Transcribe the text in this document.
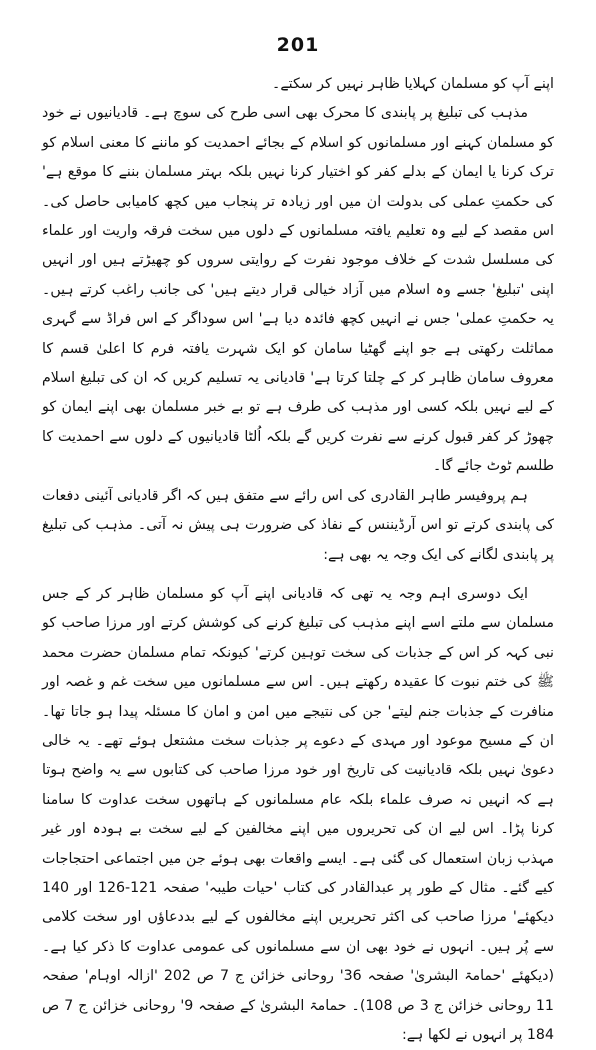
201

اپنے آپ کو مسلمان کہلایا ظاہر نہیں کر سکتے۔

مذہب کی تبلیغ پر پابندی کا محرک بھی اسی طرح کی سوچ ہے۔ قادیانیوں نے خود کو مسلمان کہنے اور مسلمانوں کو اسلام کے بجائے احمدیت کو ماننے کا معنی اسلام کو ترک کرنا یا ایمان کے بدلے کفر کو اختیار کرنا نہیں بلکہ بہتر مسلمان بننے کا موقع ہے' کی حکمتِ عملی کی بدولت ان میں اور زیادہ تر پنجاب میں کچھ کامیابی حاصل کی۔ اس مقصد کے لیے وہ تعلیم یافتہ مسلمانوں کے دلوں میں سخت فرقہ واریت اور علماء کی مسلسل شدت کے خلاف موجود نفرت کے روایتی سروں کو چھیڑتے ہیں اور انہیں اپنی 'تبلیغ' جسے وہ اسلام میں آزاد خیالی قرار دیتے ہیں' کی جانب راغب کرتے ہیں۔ یہ حکمتِ عملی' جس نے انہیں کچھ فائدہ دیا ہے' اس سوداگر کے اس فراڈ سے گہری مماثلت رکھتی ہے جو اپنے گھٹیا سامان کو ایک شہرت یافتہ فرم کا اعلیٰ قسم کا معروف سامان ظاہر کر کے چلتا کرتا ہے' قادیانی یہ تسلیم کریں کہ ان کی تبلیغ اسلام کے لیے نہیں بلکہ کسی اور مذہب کی طرف ہے تو بے خبر مسلمان بھی اپنے ایمان کو چھوڑ کر کفر قبول کرنے سے نفرت کریں گے بلکہ اُلٹا قادیانیوں کے دلوں سے احمدیت کا طلسم ٹوٹ جائے گا۔

ہم پروفیسر طاہر القادری کی اس رائے سے متفق ہیں کہ اگر قادیانی آئینی دفعات کی پابندی کرتے تو اس آرڈیننس کے نفاذ کی ضرورت ہی پیش نہ آتی۔ مذہب کی تبلیغ پر پابندی لگانے کی ایک وجہ یہ بھی ہے:

ایک دوسری اہم وجہ یہ تھی کہ قادیانی اپنے آپ کو مسلمان ظاہر کر کے جس مسلمان سے ملتے اسے اپنے مذہب کی تبلیغ کرنے کی کوشش کرتے اور مرزا صاحب کو نبی کہہ کر اس کے جذبات کی سخت توہین کرتے' کیونکہ تمام مسلمان حضرت محمد ﷺ کی ختم نبوت کا عقیدہ رکھتے ہیں۔ اس سے مسلمانوں میں سخت غم و غصہ اور منافرت کے جذبات جنم لیتے' جن کی نتیجے میں امن و امان کا مسئلہ پیدا ہو جاتا تھا۔ ان کے مسیح موعود اور مہدی کے دعوے پر جذبات سخت مشتعل ہوئے تھے۔ یہ خالی دعویٰ نہیں بلکہ قادیانیت کی تاریخ اور خود مرزا صاحب کی کتابوں سے یہ واضح ہوتا ہے کہ انہیں نہ صرف علماء بلکہ عام مسلمانوں کے ہاتھوں سخت عداوت کا سامنا کرنا پڑا۔ اس لیے ان کی تحریروں میں اپنے مخالفین کے لیے سخت بے ہودہ اور غیر مہذب زبان استعمال کی گئی ہے۔ ایسے واقعات بھی ہوئے جن میں اجتماعی احتجاجات کیے گئے۔ مثال کے طور پر عبدالقادر کی کتاب 'حیات طیبہ' صفحہ 121-126 اور 140 دیکھئے' مرزا صاحب کی اکثر تحریریں اپنے مخالفوں کے لیے بددعاؤں اور سخت کلامی سے پُر ہیں۔ انہوں نے خود بھی ان سے مسلمانوں کی عمومی عداوت کا ذکر کیا ہے۔ (دیکھئے 'حمامۃ البشریٰ' صفحہ 36' روحانی خزائن ج 7 ص 202 'ازالہ اوہام' صفحہ 11 روحانی خزائن ج 3 ص 108)۔ حمامۃ البشریٰ کے صفحہ 9' روحانی خزائن ج 7 ص 184 پر انہوں نے لکھا ہے:
